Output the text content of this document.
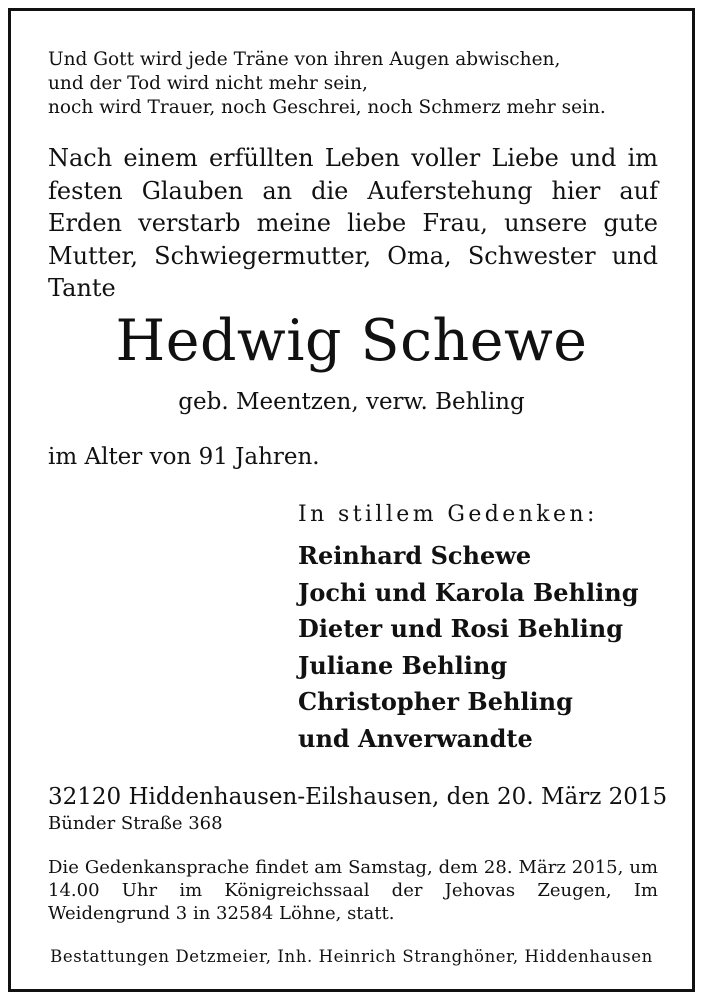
Und Gott wird jede Träne von ihren Augen abwischen,
und der Tod wird nicht mehr sein,
noch wird Trauer, noch Geschrei, noch Schmerz mehr sein.
Nach einem erfüllten Leben voller Liebe und im festen Glauben an die Auferstehung hier auf Erden verstarb meine liebe Frau, unsere gute Mutter, Schwiegermutter, Oma, Schwester und Tante
Hedwig Schewe
geb. Meentzen, verw. Behling
im Alter von 91 Jahren.
In stillem Gedenken:
Reinhard Schewe
Jochi und Karola Behling
Dieter und Rosi Behling
Juliane Behling
Christopher Behling
und Anverwandte
32120 Hiddenhausen-Eilshausen, den 20. März 2015
Bünder Straße 368
Die Gedenkansprache findet am Samstag, dem 28. März 2015, um 14.00 Uhr im Königreichssaal der Jehovas Zeugen, Im Weidengrund 3 in 32584 Löhne, statt.
Bestattungen Detzmeier, Inh. Heinrich Stranghöner, Hiddenhausen
